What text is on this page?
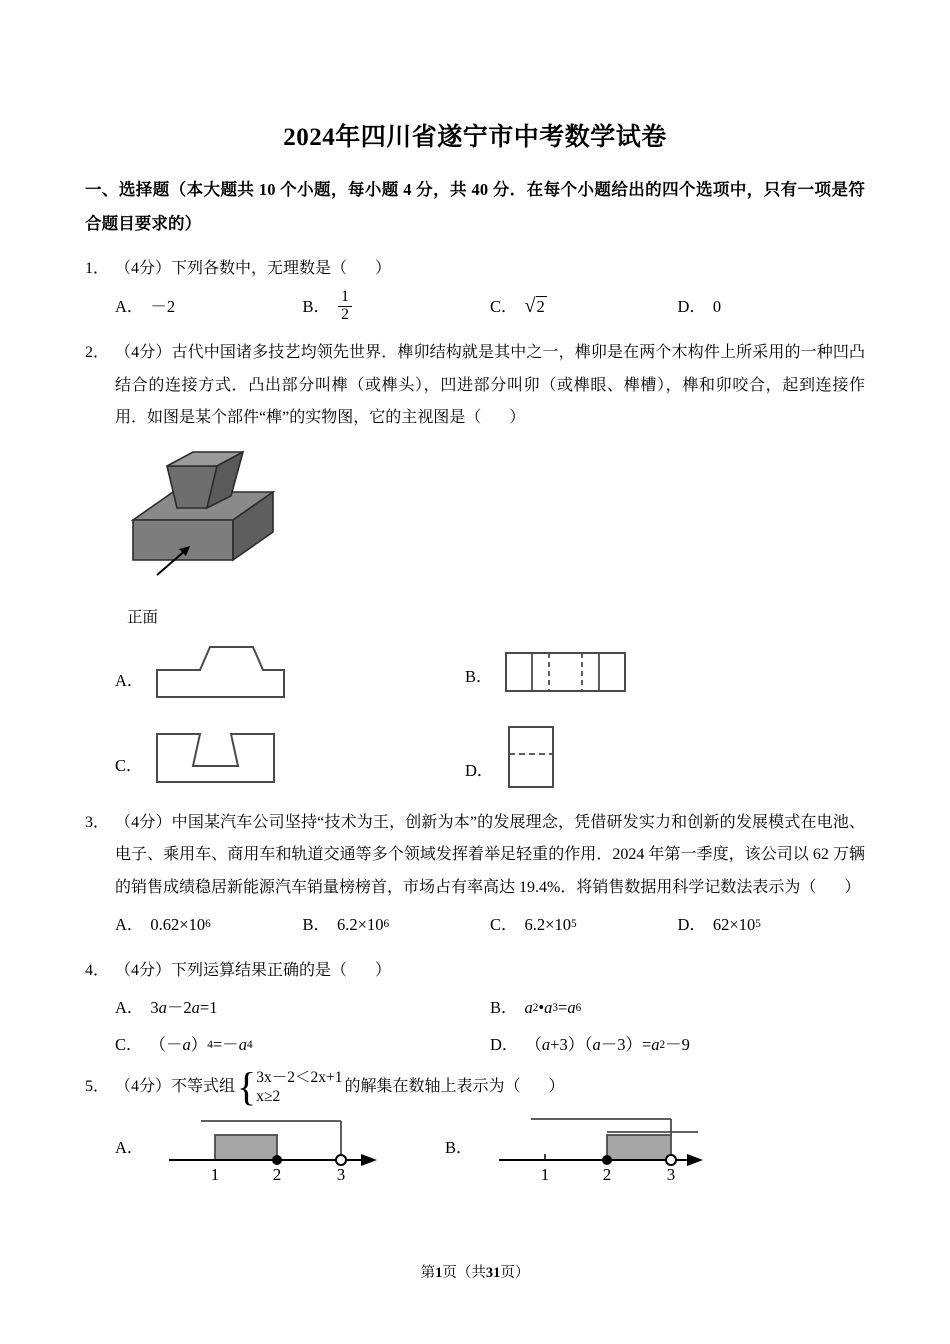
2024年四川省遂宁市中考数学试卷
一、选择题（本大题共 10 个小题，每小题 4 分，共 40 分．在每个小题给出的四个选项中，只有一项是符合题目要求的）
1． （4分）下列各数中，无理数是（ ）
A． －2	B． $\frac{1}{2}$	C． √ 2	D． 0
2． （4分）古代中国诸多技艺均领先世界．榫卯结构就是其中之一，榫卯是在两个木构件上所采用的一种凹凸结合的连接方式．凸出部分叫榫（或榫头），凹进部分叫卯（或榫眼、榫槽），榫和卯咬合，起到连接作用．如图是某个部件“榫”的实物图，它的主视图是（ ）
正面
A．	B．
C．	D．
3． （4分）中国某汽车公司坚持“技术为王，创新为本”的发展理念，凭借研发实力和创新的发展模式在电池、电子、乘用车、商用车和轨道交通等多个领域发挥着举足轻重的作用．2024 年第一季度，该公司以 62 万辆的销售成绩稳居新能源汽车销量榜榜首，市场占有率高达 19.4%．将销售数据用科学记数法表示为（ ）
A． 0.62 × 10 6	B． 6.2 × 10 6	C． 6.2 × 10 5	D． 62 × 10 5
4． （4分）下列运算结果正确的是（ ）
A． 3 a －2 a =1	B． a 2 • a 3 = a 6
C． （－ a ） 4 =－ a 4	D． （ a +3）（ a －3） = a 2 －9
5． （4分） 不等式组 { 3x－2＜2x+1
x≥2
的解集在数轴上表示为（
）
A．
1	2	3
B．
1	2	3
第1页（共31页）
